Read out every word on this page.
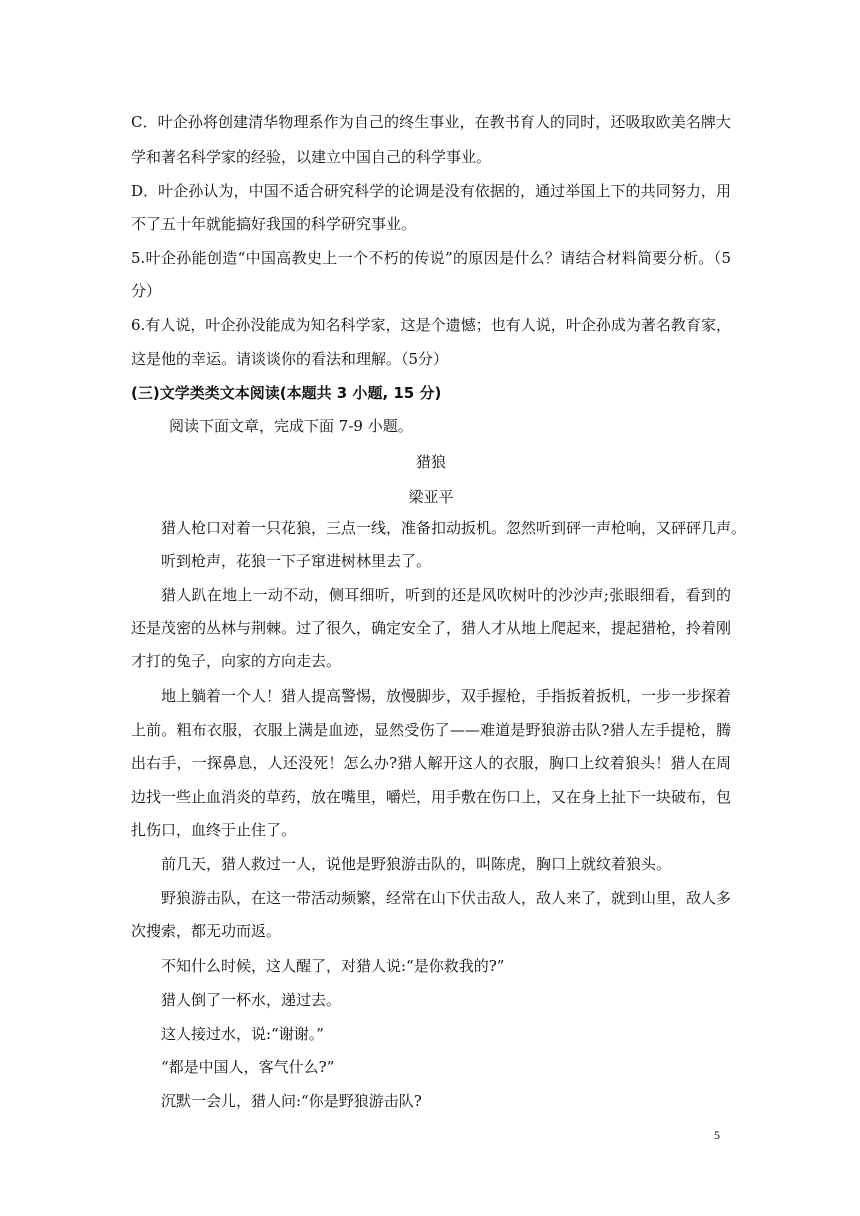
C．叶企孙将创建清华物理系作为自己的终生事业，在教书育人的同时，还吸取欧美名牌大
学和著名科学家的经验，以建立中国自己的科学事业。
D．叶企孙认为，中国不适合研究科学的论调是没有依据的，通过举国上下的共同努力，用
不了五十年就能搞好我国的科学研究事业。
5.叶企孙能创造“中国高教史上一个不朽的传说”的原因是什么？请结合材料简要分析。（5
分）
6.有人说，叶企孙没能成为知名科学家，这是个遗憾；也有人说，叶企孙成为著名教育家，
这是他的幸运。请谈谈你的看法和理解。（5分）
(三)文学类类文本阅读(本题共 3 小题, 15 分)
阅读下面文章，完成下面 7-9 小题。
猎狼
梁亚平
猎人枪口对着一只花狼，三点一线，准备扣动扳机。忽然听到砰一声枪响，又砰砰几声。
听到枪声，花狼一下子窜进树林里去了。
猎人趴在地上一动不动，侧耳细听，听到的还是风吹树叶的沙沙声;张眼细看，看到的
还是茂密的丛林与荆棘。过了很久，确定安全了，猎人才从地上爬起来，提起猎枪，拎着刚
才打的兔子，向家的方向走去。
地上躺着一个人！猎人提高警惕，放慢脚步，双手握枪，手指扳着扳机，一步一步探着
上前。粗布衣服，衣服上满是血迹，显然受伤了——难道是野狼游击队?猎人左手提枪，腾
出右手，一探鼻息，人还没死！怎么办?猎人解开这人的衣服，胸口上纹着狼头！猎人在周
边找一些止血消炎的草药，放在嘴里，嚼烂，用手敷在伤口上，又在身上扯下一块破布，包
扎伤口，血终于止住了。
前几天，猎人救过一人，说他是野狼游击队的，叫陈虎，胸口上就纹着狼头。
野狼游击队，在这一带活动频繁，经常在山下伏击敌人，敌人来了，就到山里，敌人多
次搜索，都无功而返。
不知什么时候，这人醒了，对猎人说:“是你救我的?”
猎人倒了一杯水，递过去。
这人接过水，说:“谢谢。”
“都是中国人，客气什么?”
沉默一会儿，猎人问:“你是野狼游击队?
5
